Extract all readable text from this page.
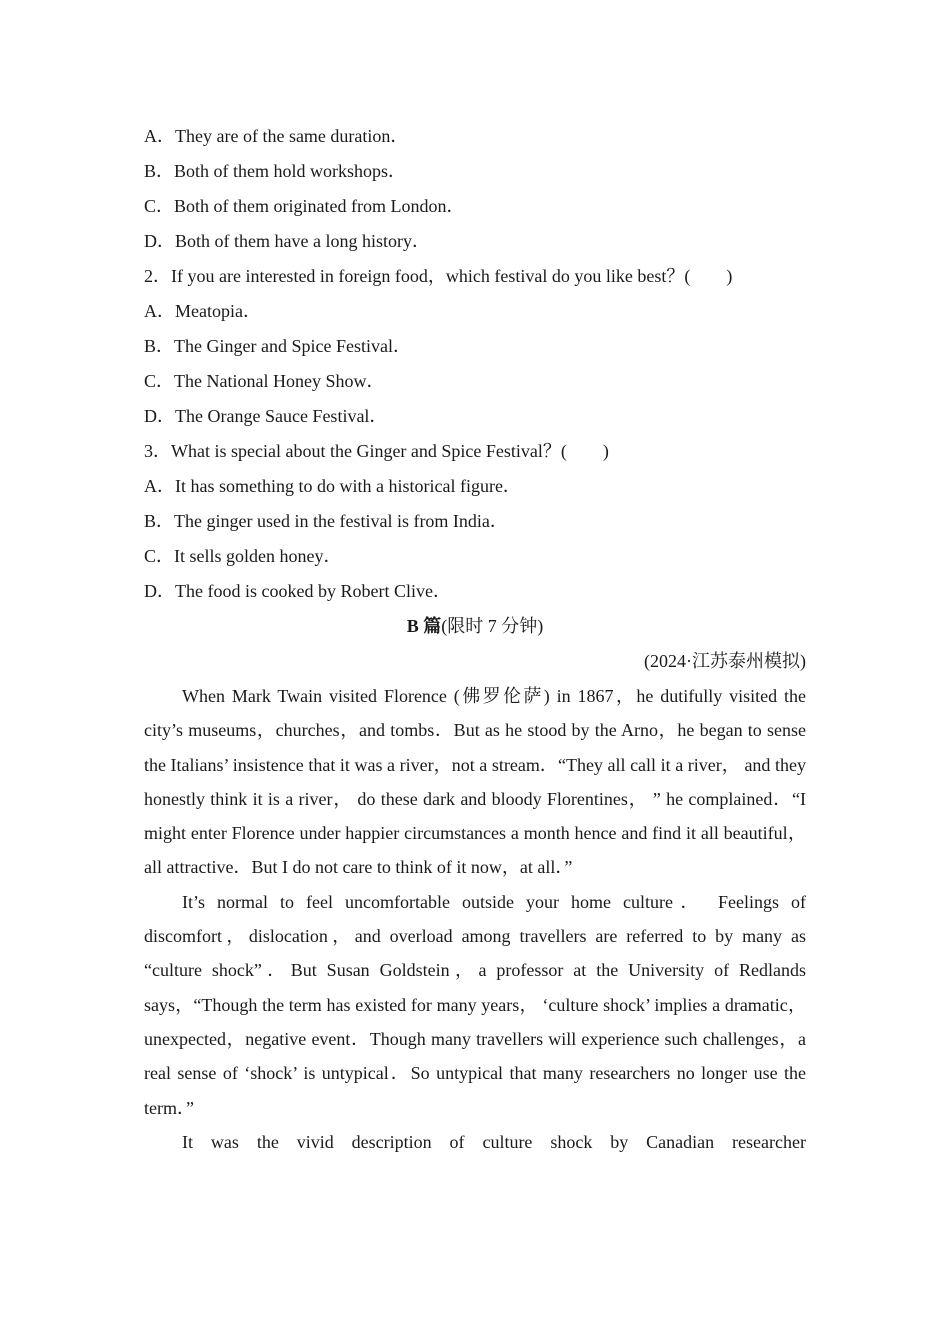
A．They are of the same duration．
B．Both of them hold workshops．
C．Both of them originated from London．
D．Both of them have a long history．
2．If you are interested in foreign food，which festival do you like best？(　　)
A．Meatopia．
B．The Ginger and Spice Festival．
C．The National Honey Show．
D．The Orange Sauce Festival．
3．What is special about the Ginger and Spice Festival？(　　)
A．It has something to do with a historical figure．
B．The ginger used in the festival is from India．
C．It sells golden honey．
D．The food is cooked by Robert Clive．
B 篇(限时 7 分钟)
(2024·江苏泰州模拟)

When Mark Twain visited Florence (佛罗伦萨) in 1867，he dutifully visited the city’s museums，churches，and tombs．But as he stood by the Arno，he began to sense the Italians’ insistence that it was a river，not a stream．“They all call it a river， and they honestly think it is a river， do these dark and bloody Florentines， ” he complained．“I might enter Florence under happier circumstances a month hence and find it all beautiful，all attractive．But I do not care to think of it now，at all．”

It’s normal to feel uncomfortable outside your home culture． Feelings of discomfort，dislocation，and overload among travellers are referred to by many as “culture shock”．But Susan Goldstein，a professor at the University of Redlands says，“Though the term has existed for many years， ‘culture shock’ implies a dramatic，unexpected，negative event．Though many travellers will experience such challenges，a real sense of ‘shock’ is untypical．So untypical that many researchers no longer use the term．”

It was the vivid description of culture shock by Canadian researcher
